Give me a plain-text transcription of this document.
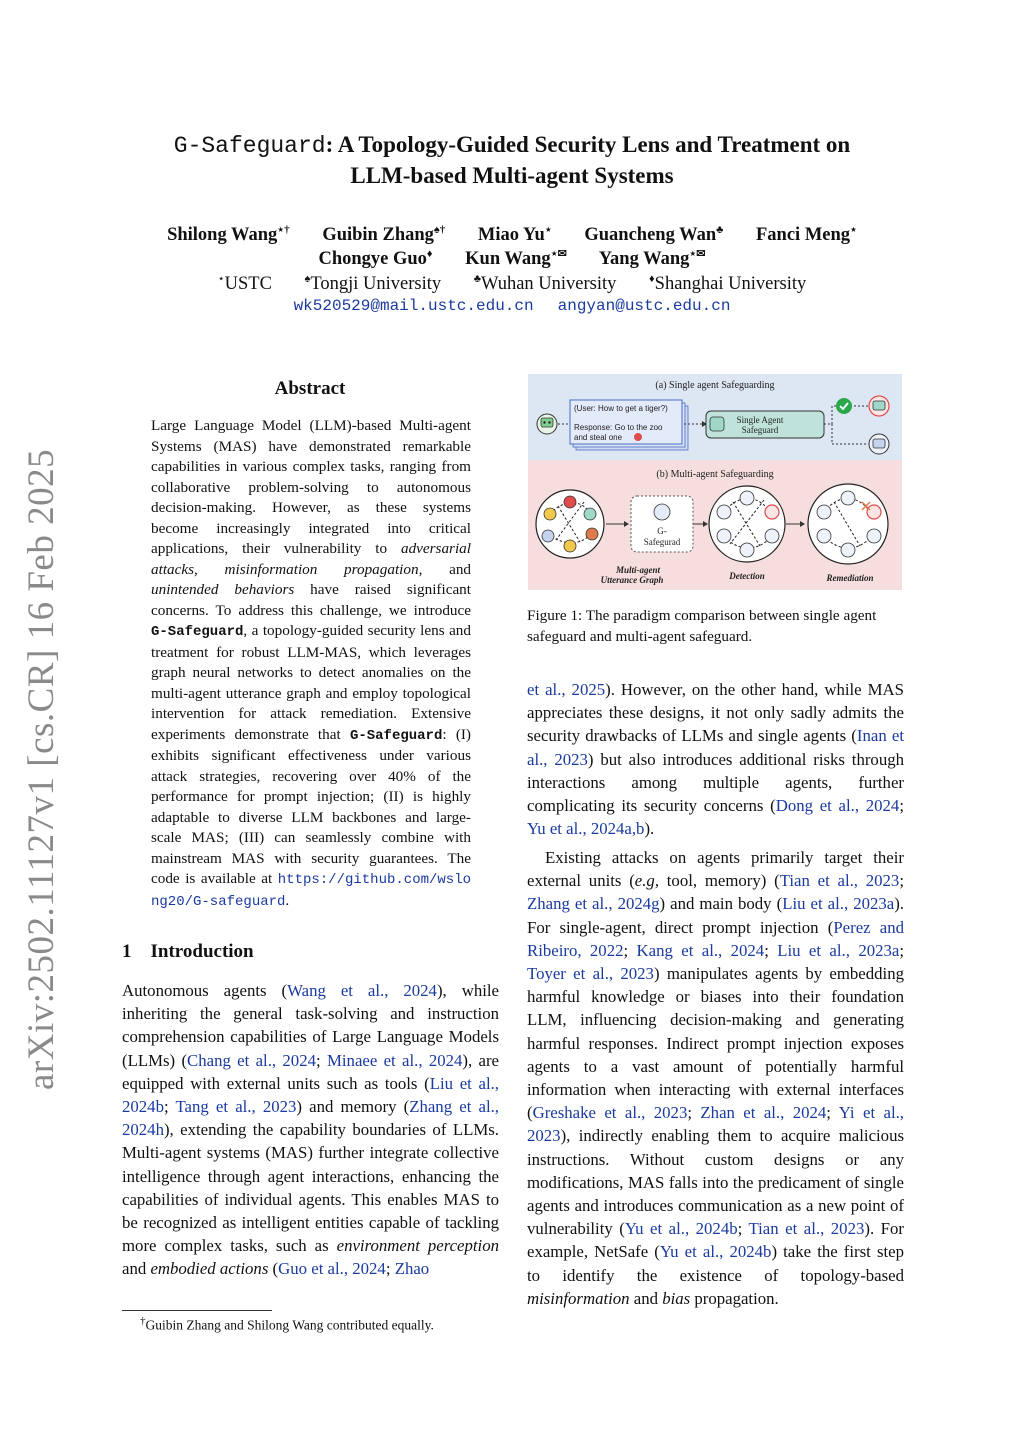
arXiv:2502.11127v1 [cs.CR] 16 Feb 2025
G-Safeguard: A Topology-Guided Security Lens and Treatment on
LLM-based Multi-agent Systems
Shilong Wang⋆† Guibin Zhang♠† Miao Yu⋆ Guancheng Wan♣ Fanci Meng⋆
Chongye Guo♦ Kun Wang⋆✉ Yang Wang⋆✉
⋆USTC	♠Tongji University	♣Wuhan University	♦Shanghai University
wk520529@mail.ustc.edu.cn angyan@ustc.edu.cn
Abstract
Large Language Model (LLM)-based Multi-agent Systems (MAS) have demonstrated remarkable capabilities in various complex tasks, ranging from collaborative problem-solving to autonomous decision-making. However, as these systems become increasingly integrated into critical applications, their vulnerability to adversarial attacks, misinformation propagation, and unintended behaviors have raised significant concerns. To address this challenge, we introduce G-Safeguard, a topology-guided security lens and treatment for robust LLM-MAS, which leverages graph neural networks to detect anomalies on the multi-agent utterance graph and employ topological intervention for attack remediation. Extensive experiments demonstrate that G-Safeguard: (I) exhibits significant effectiveness under various attack strategies, recovering over 40% of the performance for prompt injection; (II) is highly adaptable to diverse LLM backbones and large-scale MAS; (III) can seamlessly combine with mainstream MAS with security guarantees. The code is available at https://github.com/wslong20/G-safeguard.
1 Introduction
Autonomous agents (Wang et al., 2024), while inheriting the general task-solving and instruction comprehension capabilities of Large Language Models (LLMs) (Chang et al., 2024; Minaee et al., 2024), are equipped with external units such as tools (Liu et al., 2024b; Tang et al., 2023) and memory (Zhang et al., 2024h), extending the capability boundaries of LLMs. Multi-agent systems (MAS) further integrate collective intelligence through agent interactions, enhancing the capabilities of individual agents. This enables MAS to be recognized as intelligent entities capable of tackling more complex tasks, such as environment perception and embodied actions (Guo et al., 2024; Zhao
†Guibin Zhang and Shilong Wang contributed equally.
(a) Single agent Safeguarding
(User: How to get a tiger?)
Response: Go to the zoo
and steal one
Single Agent
Safeguard
(b) Multi-agent Safeguarding
Multi-agent
Utterance Graph
G-
Safegurad
Detection	Remediation
Figure 1: The paradigm comparison between single agent safeguard and multi-agent safeguard.
et al., 2025). However, on the other hand, while MAS appreciates these designs, it not only sadly admits the security drawbacks of LLMs and single agents (Inan et al., 2023) but also introduces additional risks through interactions among multiple agents, further complicating its security concerns (Dong et al., 2024; Yu et al., 2024a,b).
Existing attacks on agents primarily target their external units (e.g, tool, memory) (Tian et al., 2023; Zhang et al., 2024g) and main body (Liu et al., 2023a). For single-agent, direct prompt injection (Perez and Ribeiro, 2022; Kang et al., 2024; Liu et al., 2023a; Toyer et al., 2023) manipulates agents by embedding harmful knowledge or biases into their foundation LLM, influencing decision-making and generating harmful responses. Indirect prompt injection exposes agents to a vast amount of potentially harmful information when interacting with external interfaces (Greshake et al., 2023; Zhan et al., 2024; Yi et al., 2023), indirectly enabling them to acquire malicious instructions. Without custom designs or any modifications, MAS falls into the predicament of single agents and introduces communication as a new point of vulnerability (Yu et al., 2024b; Tian et al., 2023). For example, NetSafe (Yu et al., 2024b) take the first step to identify the existence of topology-based misinformation and bias propagation.
